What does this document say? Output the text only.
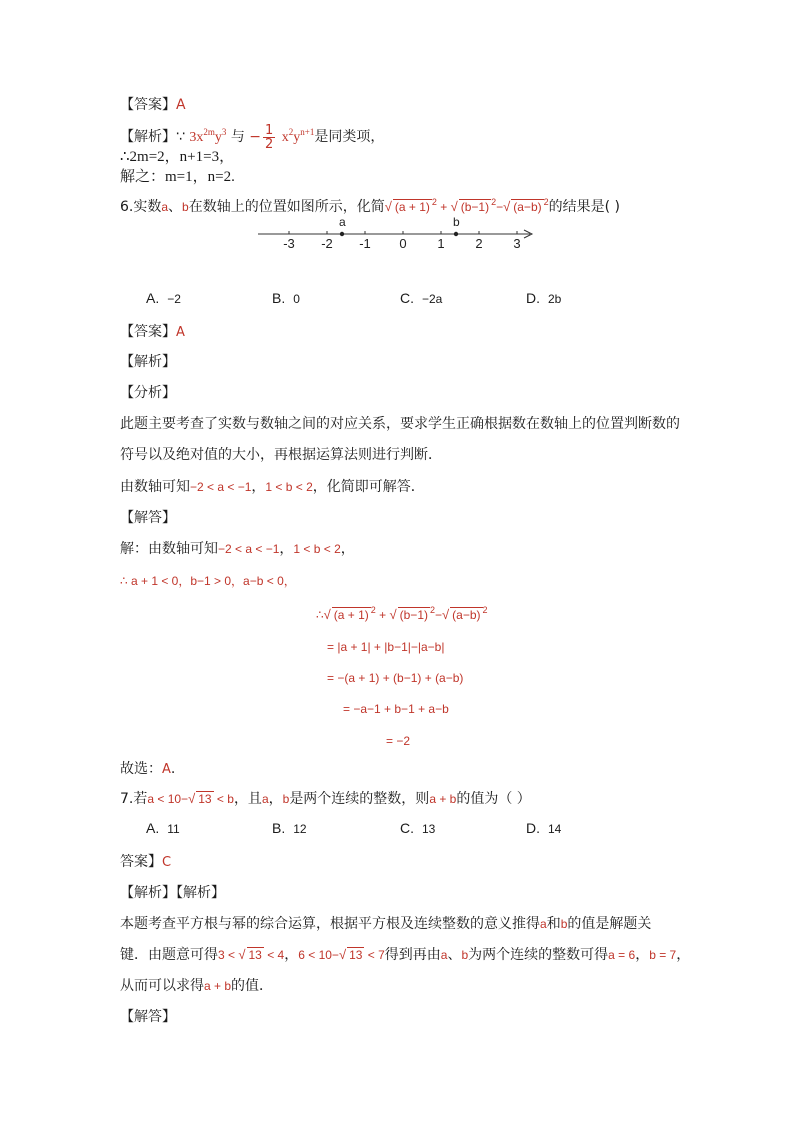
【答案】A
【解析】∵ $3x^{2m}y^3$ 与 − $\frac{1}{2} x^2y^{n+1}$是同类项，
∴2m=2，n+1=3，
解之：m=1，n=2.
6.实数a、b在数轴上的位置如图所示，化简√ (a + 1) $^2$ + √ (b−1) $^2$−√ (a−b) $^2$的结果是( )
-3 -2 -1 0 1 2 3
a	b
A. −2	B. 0	C. −2a	D. 2b
【答案】A
【解析】
【分析】
此题主要考查了实数与数轴之间的对应关系，要求学生正确根据数在数轴上的位置判断数的
符号以及绝对值的大小，再根据运算法则进行判断．
由数轴可知−2 < a < −1，1 < b < 2，化简即可解答．
【解答】
解：由数轴可知−2 < a < −1，1 < b < 2，
∴ a + 1 < 0，b−1 > 0，a−b < 0，
∴√ (a + 1) $^2$ + √ (b−1) $^2$−√ (a−b) $^2$
= |a + 1| + |b−1|−|a−b|
= −(a + 1) + (b−1) + (a−b)
= −a−1 + b−1 + a−b
= −2
故选：A.
7.若a < 10−√ 13 < b，且a，b是两个连续的整数，则a + b的值为（ ）
A. 11	B. 12	C. 13	D. 14
答案】C
【解析】【解析】
本题考查平方根与幂的综合运算，根据平方根及连续整数的意义推得a和b的值是解题关
键．由题意可得3 < √ 13 < 4，6 < 10−√ 13 < 7得到再由a、b为两个连续的整数可得a = 6，b = 7，
从而可以求得a + b的值．
【解答】
